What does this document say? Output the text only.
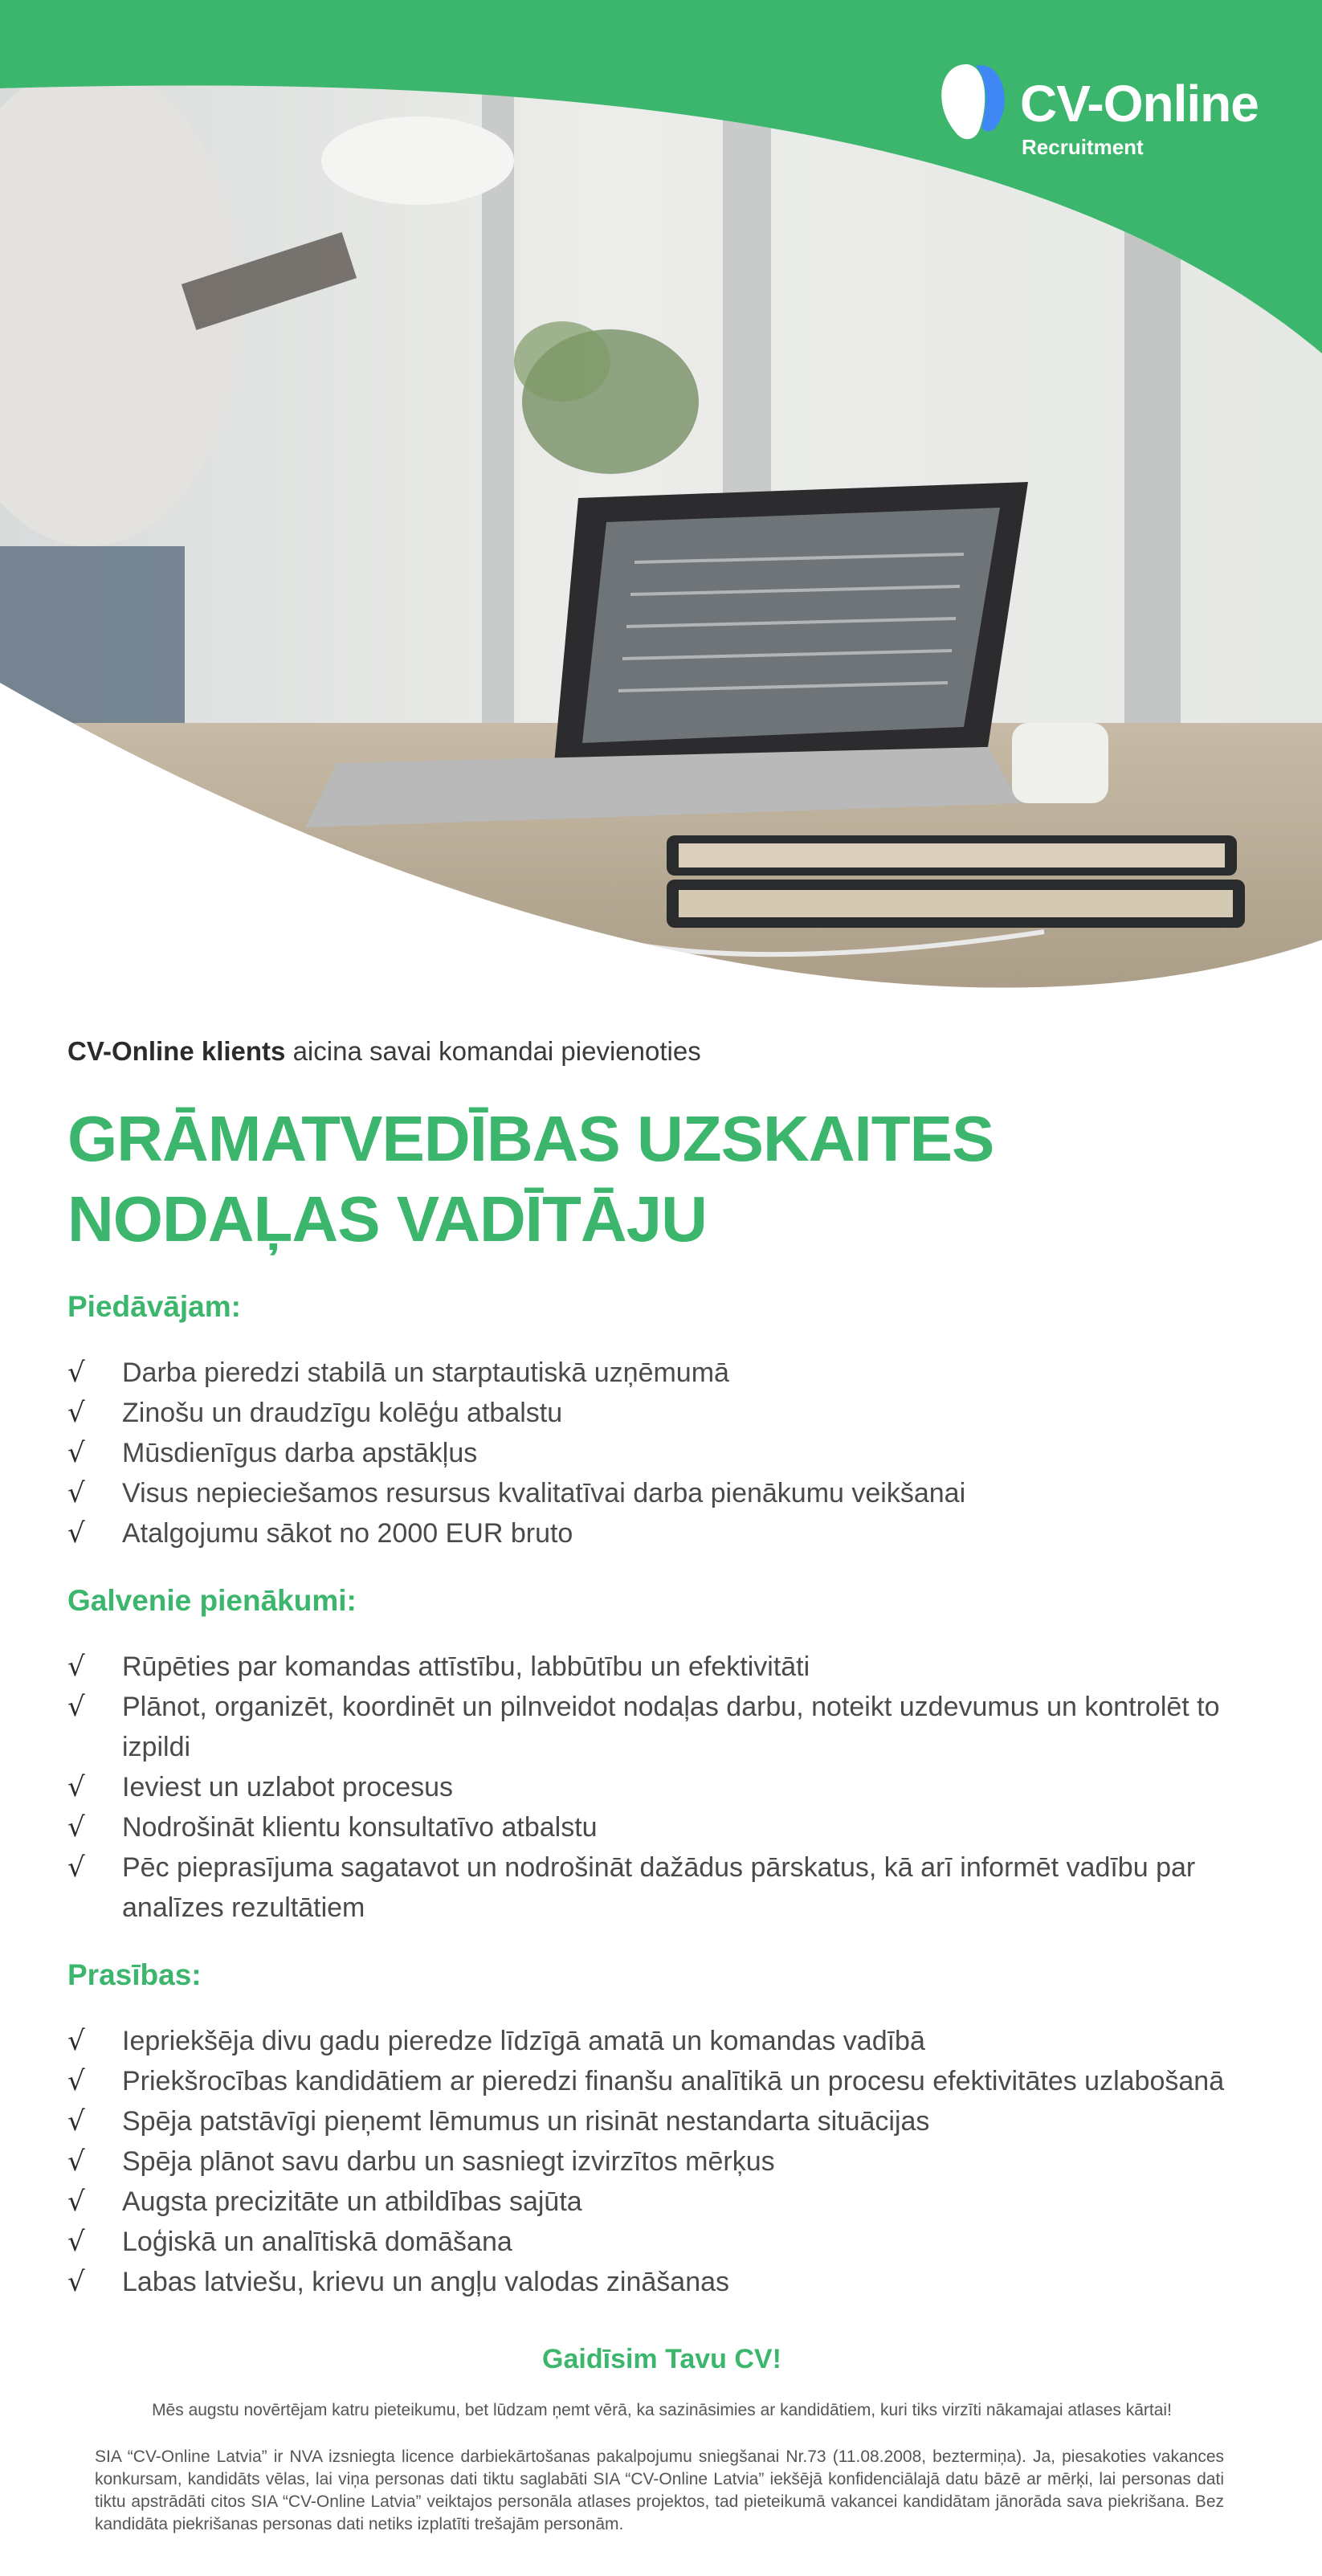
CV-Online
Recruitment

CV-Online klients aicina savai komandai pievienoties

GRĀMATVEDĪBAS UZSKAITES
NODAĻAS VADĪTĀJU
Piedāvājam:
√ Darba pieredzi stabilā un starptautiskā uzņēmumā
√ Zinošu un draudzīgu kolēģu atbalstu
√ Mūsdienīgus darba apstākļus
√ Visus nepieciešamos resursus kvalitatīvai darba pienākumu veikšanai
√ Atalgojumu sākot no 2000 EUR bruto
Galvenie pienākumi:
√ Rūpēties par komandas attīstību, labbūtību un efektivitāti
√ Plānot, organizēt, koordinēt un pilnveidot nodaļas darbu, noteikt uzdevumus un kontrolēt to izpildi
√ Ieviest un uzlabot procesus
√ Nodrošināt klientu konsultatīvo atbalstu
√ Pēc pieprasījuma sagatavot un nodrošināt dažādus pārskatus, kā arī informēt vadību par analīzes rezultātiem
Prasības:
√ Iepriekšēja divu gadu pieredze līdzīgā amatā un komandas vadībā
√ Priekšrocības kandidātiem ar pieredzi finanšu analītikā un procesu efektivitātes uzlabošanā
√ Spēja patstāvīgi pieņemt lēmumus un risināt nestandarta situācijas
√ Spēja plānot savu darbu un sasniegt izvirzītos mērķus
√ Augsta precizitāte un atbildības sajūta
√ Loģiskā un analītiskā domāšana
√ Labas latviešu, krievu un angļu valodas zināšanas
Gaidīsim Tavu CV!
Mēs augstu novērtējam katru pieteikumu, bet lūdzam ņemt vērā, ka sazināsimies ar kandidātiem, kuri tiks virzīti nākamajai atlases kārtai!
SIA “CV-Online Latvia” ir NVA izsniegta licence darbiekārtošanas pakalpojumu sniegšanai Nr.73 (11.08.2008, beztermiņa). Ja, piesakoties vakances konkursam, kandidāts vēlas, lai viņa personas dati tiktu saglabāti SIA “CV-Online Latvia” iekšējā konfidenciālajā datu bāzē ar mērķi, lai personas dati tiktu apstrādāti citos SIA “CV-Online Latvia” veiktajos personāla atlases projektos, tad pieteikumā vakancei kandidātam jānorāda sava piekrišana. Bez kandidāta piekrišanas personas dati netiks izplatīti trešajām personām.
